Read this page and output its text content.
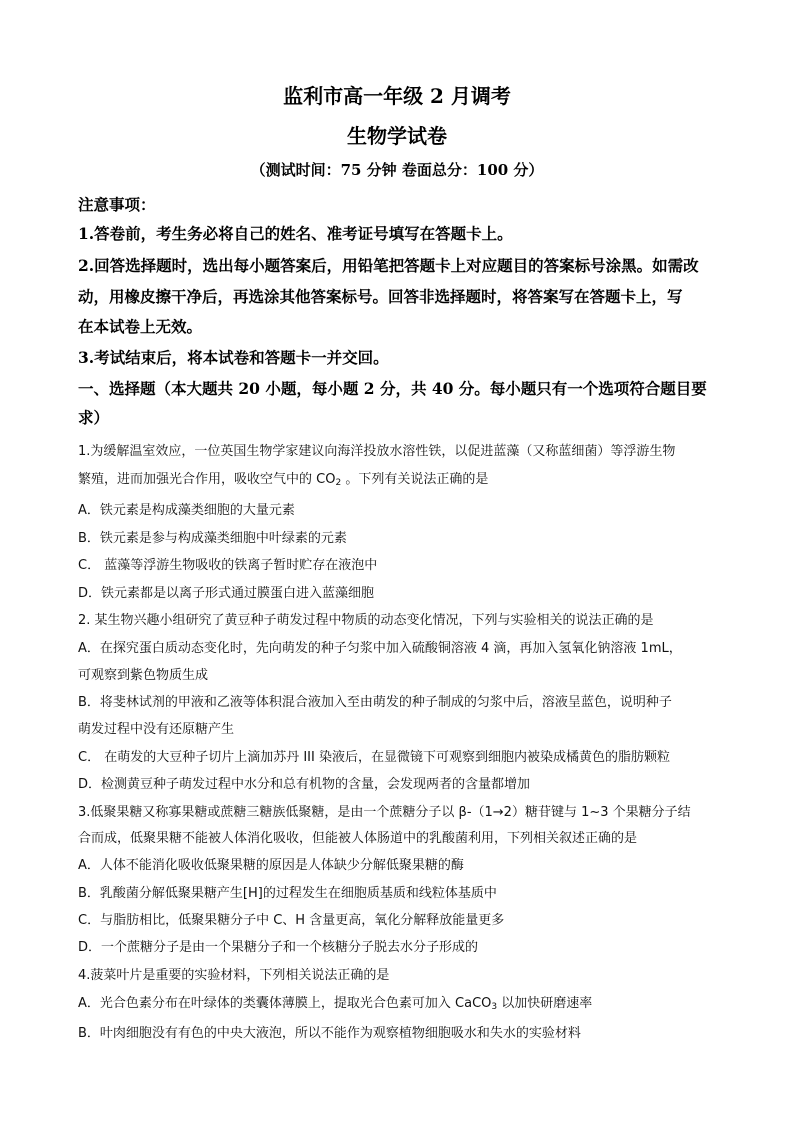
监利市高一年级 2 月调考
生物学试卷
（测试时间：75 分钟 卷面总分：100 分）
注意事项：
1.答卷前，考生务必将自己的姓名、准考证号填写在答题卡上。
2.回答选择题时，选出每小题答案后，用铅笔把答题卡上对应题目的答案标号涂黑。如需改
动，用橡皮擦干净后，再选涂其他答案标号。回答非选择题时，将答案写在答题卡上，写
在本试卷上无效。
3.考试结束后，将本试卷和答题卡一并交回。
一、选择题（本大题共 20 小题，每小题 2 分，共 40 分。每小题只有一个选项符合题目要
求）
1.为缓解温室效应，一位英国生物学家建议向海洋投放水溶性铁，以促进蓝藻（又称蓝细菌）等浮游生物
繁殖，进而加强光合作用，吸收空气中的 $CO_2$ 。下列有关说法正确的是
A．铁元素是构成藻类细胞的大量元素
B．铁元素是参与构成藻类细胞中叶绿素的元素
C． 蓝藻等浮游生物吸收的铁离子暂时贮存在液泡中
D．铁元素都是以离子形式通过膜蛋白进入蓝藻细胞
2. 某生物兴趣小组研究了黄豆种子萌发过程中物质的动态变化情况，下列与实验相关的说法正确的是
A．在探究蛋白质动态变化时，先向萌发的种子匀浆中加入硫酸铜溶液 4 滴，再加入氢氧化钠溶液 1mL，
可观察到紫色物质生成
B．将斐林试剂的甲液和乙液等体积混合液加入至由萌发的种子制成的匀浆中后，溶液呈蓝色，说明种子
萌发过程中没有还原糖产生
C． 在萌发的大豆种子切片上滴加苏丹 III 染液后，在显微镜下可观察到细胞内被染成橘黄色的脂肪颗粒
D．检测黄豆种子萌发过程中水分和总有机物的含量，会发现两者的含量都增加
3.低聚果糖又称寡果糖或蔗糖三糖族低聚糖，是由一个蔗糖分子以 β-（1→2）糖苷键与 1~3 个果糖分子结
合而成，低聚果糖不能被人体消化吸收，但能被人体肠道中的乳酸菌利用，下列相关叙述正确的是
A．人体不能消化吸收低聚果糖的原因是人体缺少分解低聚果糖的酶
B．乳酸菌分解低聚果糖产生[H]的过程发生在细胞质基质和线粒体基质中
C．与脂肪相比，低聚果糖分子中 C、H 含量更高，氧化分解释放能量更多
D．一个蔗糖分子是由一个果糖分子和一个核糖分子脱去水分子形成的
4.菠菜叶片是重要的实验材料，下列相关说法正确的是
A．光合色素分布在叶绿体的类囊体薄膜上，提取光合色素可加入 CaCO$_3$ 以加快研磨速率
B．叶肉细胞没有有色的中央大液泡，所以不能作为观察植物细胞吸水和失水的实验材料
